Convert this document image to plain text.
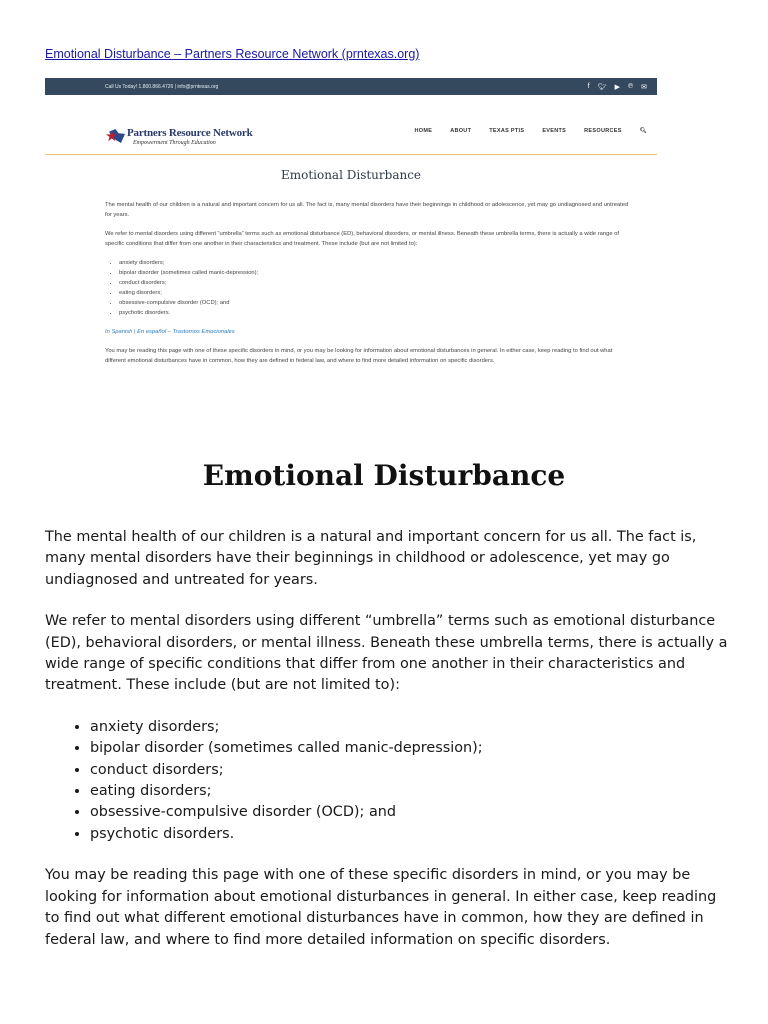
Emotional Disturbance – Partners Resource Network (prntexas.org)
Call Us Today! 1.800.866.4726 | info@prntexas.org	f 🐦︎ ▶ ℗ ✉
★ Partners Resource Network
Empowerment Through Education
HOME	ABOUT	TEXAS PTIS	EVENTS	RESOURCES	🔍︎
Emotional Disturbance

The mental health of our children is a natural and important concern for us all. The fact is, many mental disorders have their beginnings in childhood or adolescence, yet may go undiagnosed and untreated for years.

We refer to mental disorders using different “umbrella” terms such as emotional disturbance (ED), behavioral disorders, or mental illness. Beneath these umbrella terms, there is actually a wide range of specific conditions that differ from one another in their characteristics and treatment. These include (but are not limited to):

• anxiety disorders;
• bipolar disorder (sometimes called manic-depression);
• conduct disorders;
• eating disorders;
• obsessive-compulsive disorder (OCD); and
• psychotic disorders.

In Spanish | En español – Trastornos Emocionales

You may be reading this page with one of these specific disorders in mind, or you may be looking for information about emotional disturbances in general. In either case, keep reading to find out what different emotional disturbances have in common, how they are defined in federal law, and where to find more detailed information on specific disorders.

Emotional Disturbance

The mental health of our children is a natural and important concern for us all. The fact is, many mental disorders have their beginnings in childhood or adolescence, yet may go undiagnosed and untreated for years.

We refer to mental disorders using different “umbrella” terms such as emotional disturbance (ED), behavioral disorders, or mental illness. Beneath these umbrella terms, there is actually a wide range of specific conditions that differ from one another in their characteristics and treatment. These include (but are not limited to):

• anxiety disorders;
• bipolar disorder (sometimes called manic-depression);
• conduct disorders;
• eating disorders;
• obsessive-compulsive disorder (OCD); and
• psychotic disorders.

You may be reading this page with one of these specific disorders in mind, or you may be looking for information about emotional disturbances in general. In either case, keep reading to find out what different emotional disturbances have in common, how they are defined in federal law, and where to find more detailed information on specific disorders.
